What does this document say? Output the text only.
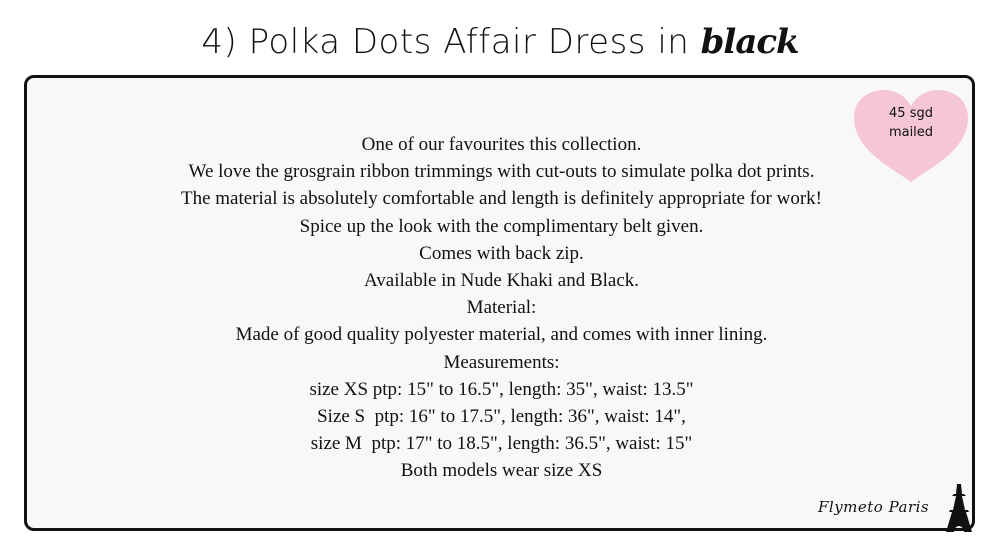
4) Polka Dots Affair Dress in black
45 sgd
mailed
One of our favourites this collection.
We love the grosgrain ribbon trimmings with cut-outs to simulate polka dot prints.
The material is absolutely comfortable and length is definitely appropriate for work!
Spice up the look with the complimentary belt given.
Comes with back zip.
Available in Nude Khaki and Black.
Material:
Made of good quality polyester material, and comes with inner lining.
Measurements:
size XS ptp: 15" to 16.5", length: 35", waist: 13.5"
Size S  ptp: 16" to 17.5", length: 36", waist: 14",
size M  ptp: 17" to 18.5", length: 36.5", waist: 15"
Both models wear size XS
Flymeto Paris
